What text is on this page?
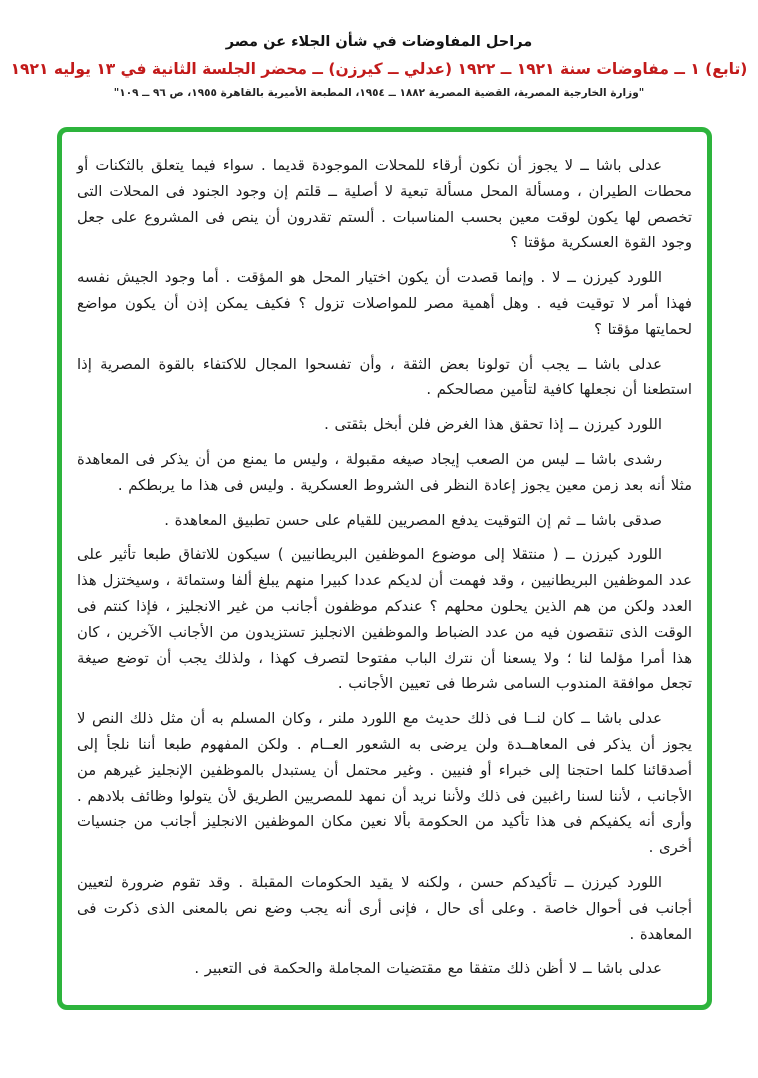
مراحل المفاوضات في شأن الجلاء عن مصر
(تابع) ١ ــ مفاوضات سنة ١٩٢١ ــ ١٩٢٢ (عدلي ــ كيرزن) ــ محضر الجلسة الثانية في ١٣ يوليه ١٩٢١
"وزارة الخارجية المصرية، القضية المصرية ١٨٨٢ ــ ١٩٥٤، المطبعة الأميرية بالقاهرة ١٩٥٥، ص ٩٦ ــ ١٠٩"

عدلى باشا ــ لا يجوز أن نكون أرقاء للمحلات الموجودة قديما . سواء فيما يتعلق بالثكنات أو محطات الطيران ، ومسألة المحل مسألة تبعية لا أصلية ــ قلتم إن وجود الجنود فى المحلات التى تخصص لها يكون لوقت معين بحسب المناسبات . ألستم تقدرون أن ينص فى المشروع على جعل وجود القوة العسكرية مؤقتا ؟

اللورد كيرزن ــ لا . وإنما قصدت أن يكون اختيار المحل هو المؤقت . أما وجود الجيش نفسه فهذا أمر لا توقيت فيه . وهل أهمية مصر للمواصلات تزول ؟ فكيف يمكن إذن أن يكون مواضع لحمايتها مؤقتا ؟

عدلى باشا ــ يجب أن تولونا بعض الثقة ، وأن تفسحوا المجال للاكتفاء بالقوة المصرية إذا استطعنا أن نجعلها كافية لتأمين مصالحكم .

اللورد كيرزن ــ إذا تحقق هذا الغرض فلن أبخل بثقتى .

رشدى باشا ــ ليس من الصعب إيجاد صيغه مقبولة ، وليس ما يمنع من أن يذكر فى المعاهدة مثلا أنه بعد زمن معين يجوز إعادة النظر فى الشروط العسكرية . وليس فى هذا ما يربطكم .

صدقى باشا ــ ثم إن التوقيت يدفع المصريين للقيام على حسن تطبيق المعاهدة .

اللورد كيرزن ــ ( منتقلا إلى موضوع الموظفين البريطانيين ) سيكون للاتفاق طبعا تأثير على عدد الموظفين البريطانيين ، وقد فهمت أن لديكم عددا كبيرا منهم يبلغ ألفا وستمائة ، وسيختزل هذا العدد ولكن من هم الذين يحلون محلهم ؟ عندكم موظفون أجانب من غير الانجليز ، فإذا كنتم فى الوقت الذى تنقصون فيه من عدد الضباط والموظفين الانجليز تستزيدون من الأجانب الآخرين ، كان هذا أمرا مؤلما لنا ؛ ولا يسعنا أن نترك الباب مفتوحا لتصرف كهذا ، ولذلك يجب أن توضع صيغة تجعل موافقة المندوب السامى شرطا فى تعيين الأجانب .

عدلى باشا ــ كان لنــا فى ذلك حديث مع اللورد ملنر ، وكان المسلم به أن مثل ذلك النص لا يجوز أن يذكر فى المعاهــدة ولن يرضى به الشعور العــام . ولكن المفهوم طبعا أننا نلجأ إلى أصدقائنا كلما احتجنا إلى خبراء أو فنيين . وغير محتمل أن يستبدل بالموظفين الإنجليز غيرهم من الأجانب ، لأننا لسنا راغبين فى ذلك ولأننا نريد أن نمهد للمصريين الطريق لأن يتولوا وظائف بلادهم . وأرى أنه يكفيكم فى هذا تأكيد من الحكومة بألا نعين مكان الموظفين الانجليز أجانب من جنسيات أخرى .

اللورد كيرزن ــ تأكيدكم حسن ، ولكنه لا يقيد الحكومات المقبلة . وقد تقوم ضرورة لتعيين أجانب فى أحوال خاصة . وعلى أى حال ، فإنى أرى أنه يجب وضع نص بالمعنى الذى ذكرت فى المعاهدة .

عدلى باشا ــ لا أظن ذلك متفقا مع مقتضيات المجاملة والحكمة فى التعبير .
